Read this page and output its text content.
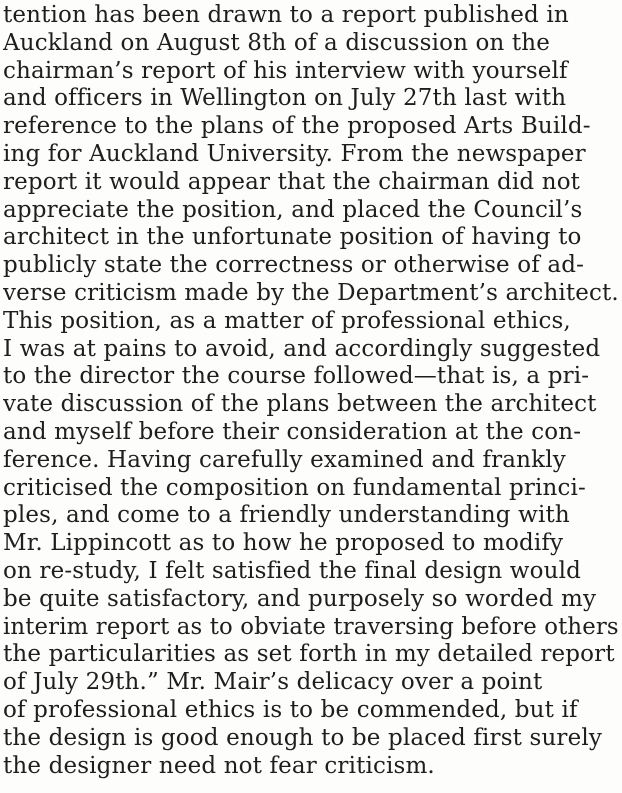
tention has been drawn to a report published in
Auckland on August 8th of a discussion on the
chairman’s report of his interview with yourself
and officers in Wellington on July 27th last with
reference to the plans of the proposed Arts Build-
ing for Auckland University. From the newspaper
report it would appear that the chairman did not
appreciate the position, and placed the Council’s
architect in the unfortunate position of having to
publicly state the correctness or otherwise of ad-
verse criticism made by the Department’s architect.
This position, as a matter of professional ethics,
I was at pains to avoid, and accordingly suggested
to the director the course followed—that is, a pri-
vate discussion of the plans between the architect
and myself before their consideration at the con-
ference. Having carefully examined and frankly
criticised the composition on fundamental princi-
ples, and come to a friendly understanding with
Mr. Lippincott as to how he proposed to modify
on re-study, I felt satisfied the final design would
be quite satisfactory, and purposely so worded my
interim report as to obviate traversing before others
the particularities as set forth in my detailed report
of July 29th.” Mr. Mair’s delicacy over a point
of professional ethics is to be commended, but if
the design is good enough to be placed first surely
the designer need not fear criticism.
